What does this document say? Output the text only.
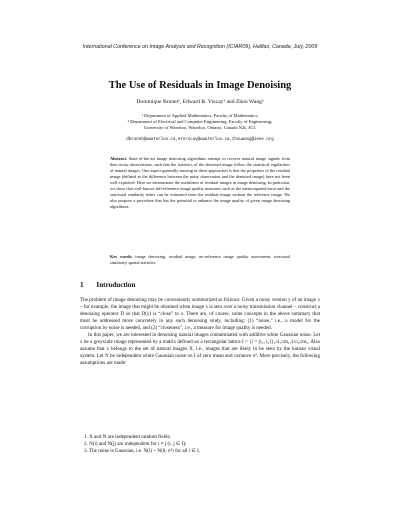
International Conference on Image Analysis and Recognition (ICIAR09), Halifax, Canada, July, 2009
The Use of Residuals in Image Denoising
Dominique Brunet¹, Edward R. Vrscay¹ and Zhou Wang²
¹ Department of Applied Mathematics, Faculty of Mathematics,
² Department of Electrical and Computer Engineering, Faculty of Engineering,
University of Waterloo, Waterloo, Ontario, Canada N2L 3G1
dbrunet@uwaterloo.ca,ervrscay@uwaterloo.ca,zhouwang@ieee.org
Abstract. State-of-the-art image denoising algorithms attempt to recover natural image signals from their noisy observations, such that the statistics of the denoised image follow the statistical regularities of natural images. One aspect generally missing in these approaches is that the properties of the residual image (defined as the difference between the noisy observation and the denoised image) have not been well exploited. Here we demonstrate the usefulness of residual images in image denoising. In particular, we show that well-known full-reference image quality measures such as the mean-squared-error and the structural similarity index can be estimated from the residual image without the reference image. We also propose a procedure that has the potential to enhance the image quality of given image denoising algorithms.
Key words: image denoising, residual image, no-reference image quality assessment, structural similarity, spatial statistics
1 Introduction

The problem of image denoising may be conveniently summarized as follows: Given a noisy version y of an image x – for example, the image that might be obtained when image x is sent over a noisy transmission channel – construct a denoising operator D so that D(y) is “close” to x. There are, of course, some concepts in the above summary that must be addressed more concretely in any such denoising study, including: (1) “noise,” i.e., a model for the corruption by noise is needed, and (2) “closeness”, i.e., a measure for image quality is needed.

In this paper, we are interested in denoising natural images contaminated with additive white Gaussian noise. Let x be a greyscale image represented by a matrix defined on a rectangular lattice I = {i = (i₁, i₂)}₁≤i₁≤m₁,1≤i₂≤m₂. Also assume that x belongs to the set of natural images X, i.e., images that are likely to be seen by the human visual system. Let N be independent white Gaussian noise on I of zero mean and variance σ². More precisely, the following assumptions are made:

1. X and N are independent random fields;
2. N(i) and N(j) are independent for i ≠ j (i, j ∈ I);
3. The noise is Gaussian, i.e. N(i) ~ N(0, σ²) for all i ∈ I.
